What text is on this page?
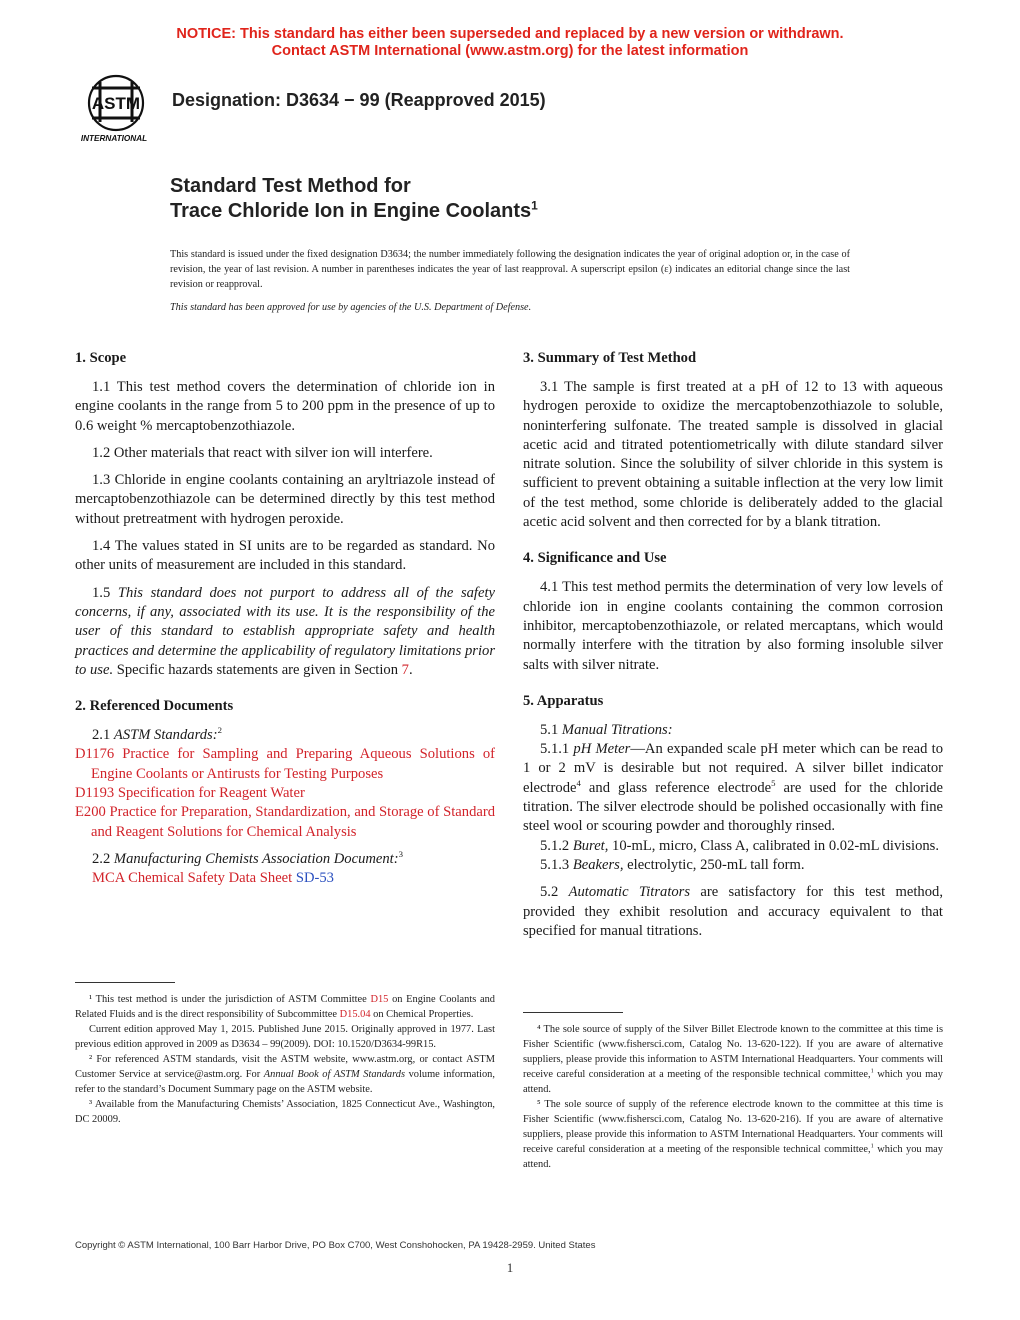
NOTICE: This standard has either been superseded and replaced by a new version or withdrawn.
Contact ASTM International (www.astm.org) for the latest information
ASTM
INTERNATIONAL
Designation: D3634 − 99 (Reapproved 2015)
Standard Test Method for
Trace Chloride Ion in Engine Coolants$^1$
This standard is issued under the fixed designation D3634; the number immediately following the designation indicates the year of original adoption or, in the case of revision, the year of last revision. A number in parentheses indicates the year of last reapproval. A superscript epsilon (ε) indicates an editorial change since the last revision or reapproval.
This standard has been approved for use by agencies of the U.S. Department of Defense.
1. Scope

1.1 This test method covers the determination of chloride ion in engine coolants in the range from 5 to 200 ppm in the presence of up to 0.6 weight % mercaptobenzothiazole.

1.2 Other materials that react with silver ion will interfere.

1.3 Chloride in engine coolants containing an aryltriazole instead of mercaptobenzothiazole can be determined directly by this test method without pretreatment with hydrogen peroxide.

1.4 The values stated in SI units are to be regarded as standard. No other units of measurement are included in this standard.

1.5 This standard does not purport to address all of the safety concerns, if any, associated with its use. It is the responsibility of the user of this standard to establish appropriate safety and health practices and determine the applicability of regulatory limitations prior to use. Specific hazards statements are given in Section 7.

2. Referenced Documents

2.1 ASTM Standards:$^2$

D1176 Practice for Sampling and Preparing Aqueous Solutions of Engine Coolants or Antirusts for Testing Purposes

D1193 Specification for Reagent Water

E200 Practice for Preparation, Standardization, and Storage of Standard and Reagent Solutions for Chemical Analysis

2.2 Manufacturing Chemists Association Document:$^3$

MCA Chemical Safety Data Sheet SD-53

3. Summary of Test Method

3.1 The sample is first treated at a pH of 12 to 13 with aqueous hydrogen peroxide to oxidize the mercaptobenzothiazole to soluble, noninterfering sulfonate. The treated sample is dissolved in glacial acetic acid and titrated potentiometrically with dilute standard silver nitrate solution. Since the solubility of silver chloride in this system is sufficient to prevent obtaining a suitable inflection at the very low limit of the test method, some chloride is deliberately added to the glacial acetic acid solvent and then corrected for by a blank titration.

4. Significance and Use

4.1 This test method permits the determination of very low levels of chloride ion in engine coolants containing the common corrosion inhibitor, mercaptobenzothiazole, or related mercaptans, which would normally interfere with the titration by also forming insoluble silver salts with silver nitrate.

5. Apparatus

5.1 Manual Titrations:

5.1.1 pH Meter—An expanded scale pH meter which can be read to 1 or 2 mV is desirable but not required. A silver billet indicator electrode$^4$ and glass reference electrode$^5$ are used for the chloride titration. The silver electrode should be polished occasionally with fine steel wool or scouring powder and thoroughly rinsed.

5.1.2 Buret, 10-mL, micro, Class A, calibrated in 0.02-mL divisions.

5.1.3 Beakers, electrolytic, 250-mL tall form.

5.2 Automatic Titrators are satisfactory for this test method, provided they exhibit resolution and accuracy equivalent to that specified for manual titrations.

¹ This test method is under the jurisdiction of ASTM Committee D15 on Engine Coolants and Related Fluids and is the direct responsibility of Subcommittee D15.04 on Chemical Properties.

Current edition approved May 1, 2015. Published June 2015. Originally approved in 1977. Last previous edition approved in 2009 as D3634 – 99(2009). DOI: 10.1520/D3634-99R15.

² For referenced ASTM standards, visit the ASTM website, www.astm.org, or contact ASTM Customer Service at service@astm.org. For Annual Book of ASTM Standards volume information, refer to the standard’s Document Summary page on the ASTM website.

³ Available from the Manufacturing Chemists’ Association, 1825 Connecticut Ave., Washington, DC 20009.

⁴ The sole source of supply of the Silver Billet Electrode known to the committee at this time is Fisher Scientific (www.fishersci.com, Catalog No. 13-620-122). If you are aware of alternative suppliers, please provide this information to ASTM International Headquarters. Your comments will receive careful consideration at a meeting of the responsible technical committee,$^1$ which you may attend.

⁵ The sole source of supply of the reference electrode known to the committee at this time is Fisher Scientific (www.fishersci.com, Catalog No. 13-620-216). If you are aware of alternative suppliers, please provide this information to ASTM International Headquarters. Your comments will receive careful consideration at a meeting of the responsible technical committee,$^1$ which you may attend.

Copyright © ASTM International, 100 Barr Harbor Drive, PO Box C700, West Conshohocken, PA 19428-2959. United States
1
